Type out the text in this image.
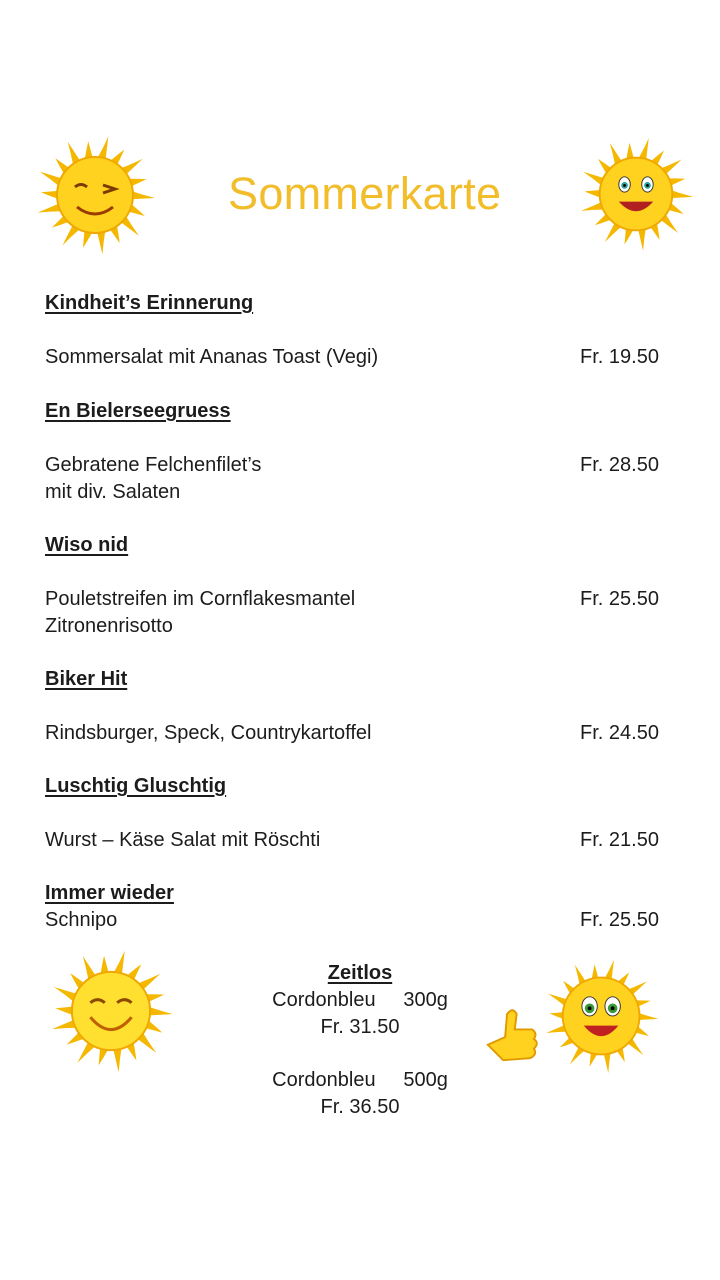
Sommerkarte
Kindheit’s Erinnerung
Sommersalat mit Ananas Toast (Vegi)	Fr. 19.50
En Bielerseegruess
Gebratene Felchenfilet’s
mit div. Salaten
Fr. 28.50
Wiso nid
Pouletstreifen im Cornflakesmantel
Zitronenrisotto
Fr. 25.50
Biker Hit
Rindsburger, Speck, Countrykartoffel	Fr. 24.50
Luschtig Gluschtig
Wurst – Käse Salat mit Röschti	Fr. 21.50
Immer wieder
Schnipo	Fr. 25.50
Zeitlos
Cordonbleu     300g
Fr. 31.50
Cordonbleu     500g
Fr. 36.50
